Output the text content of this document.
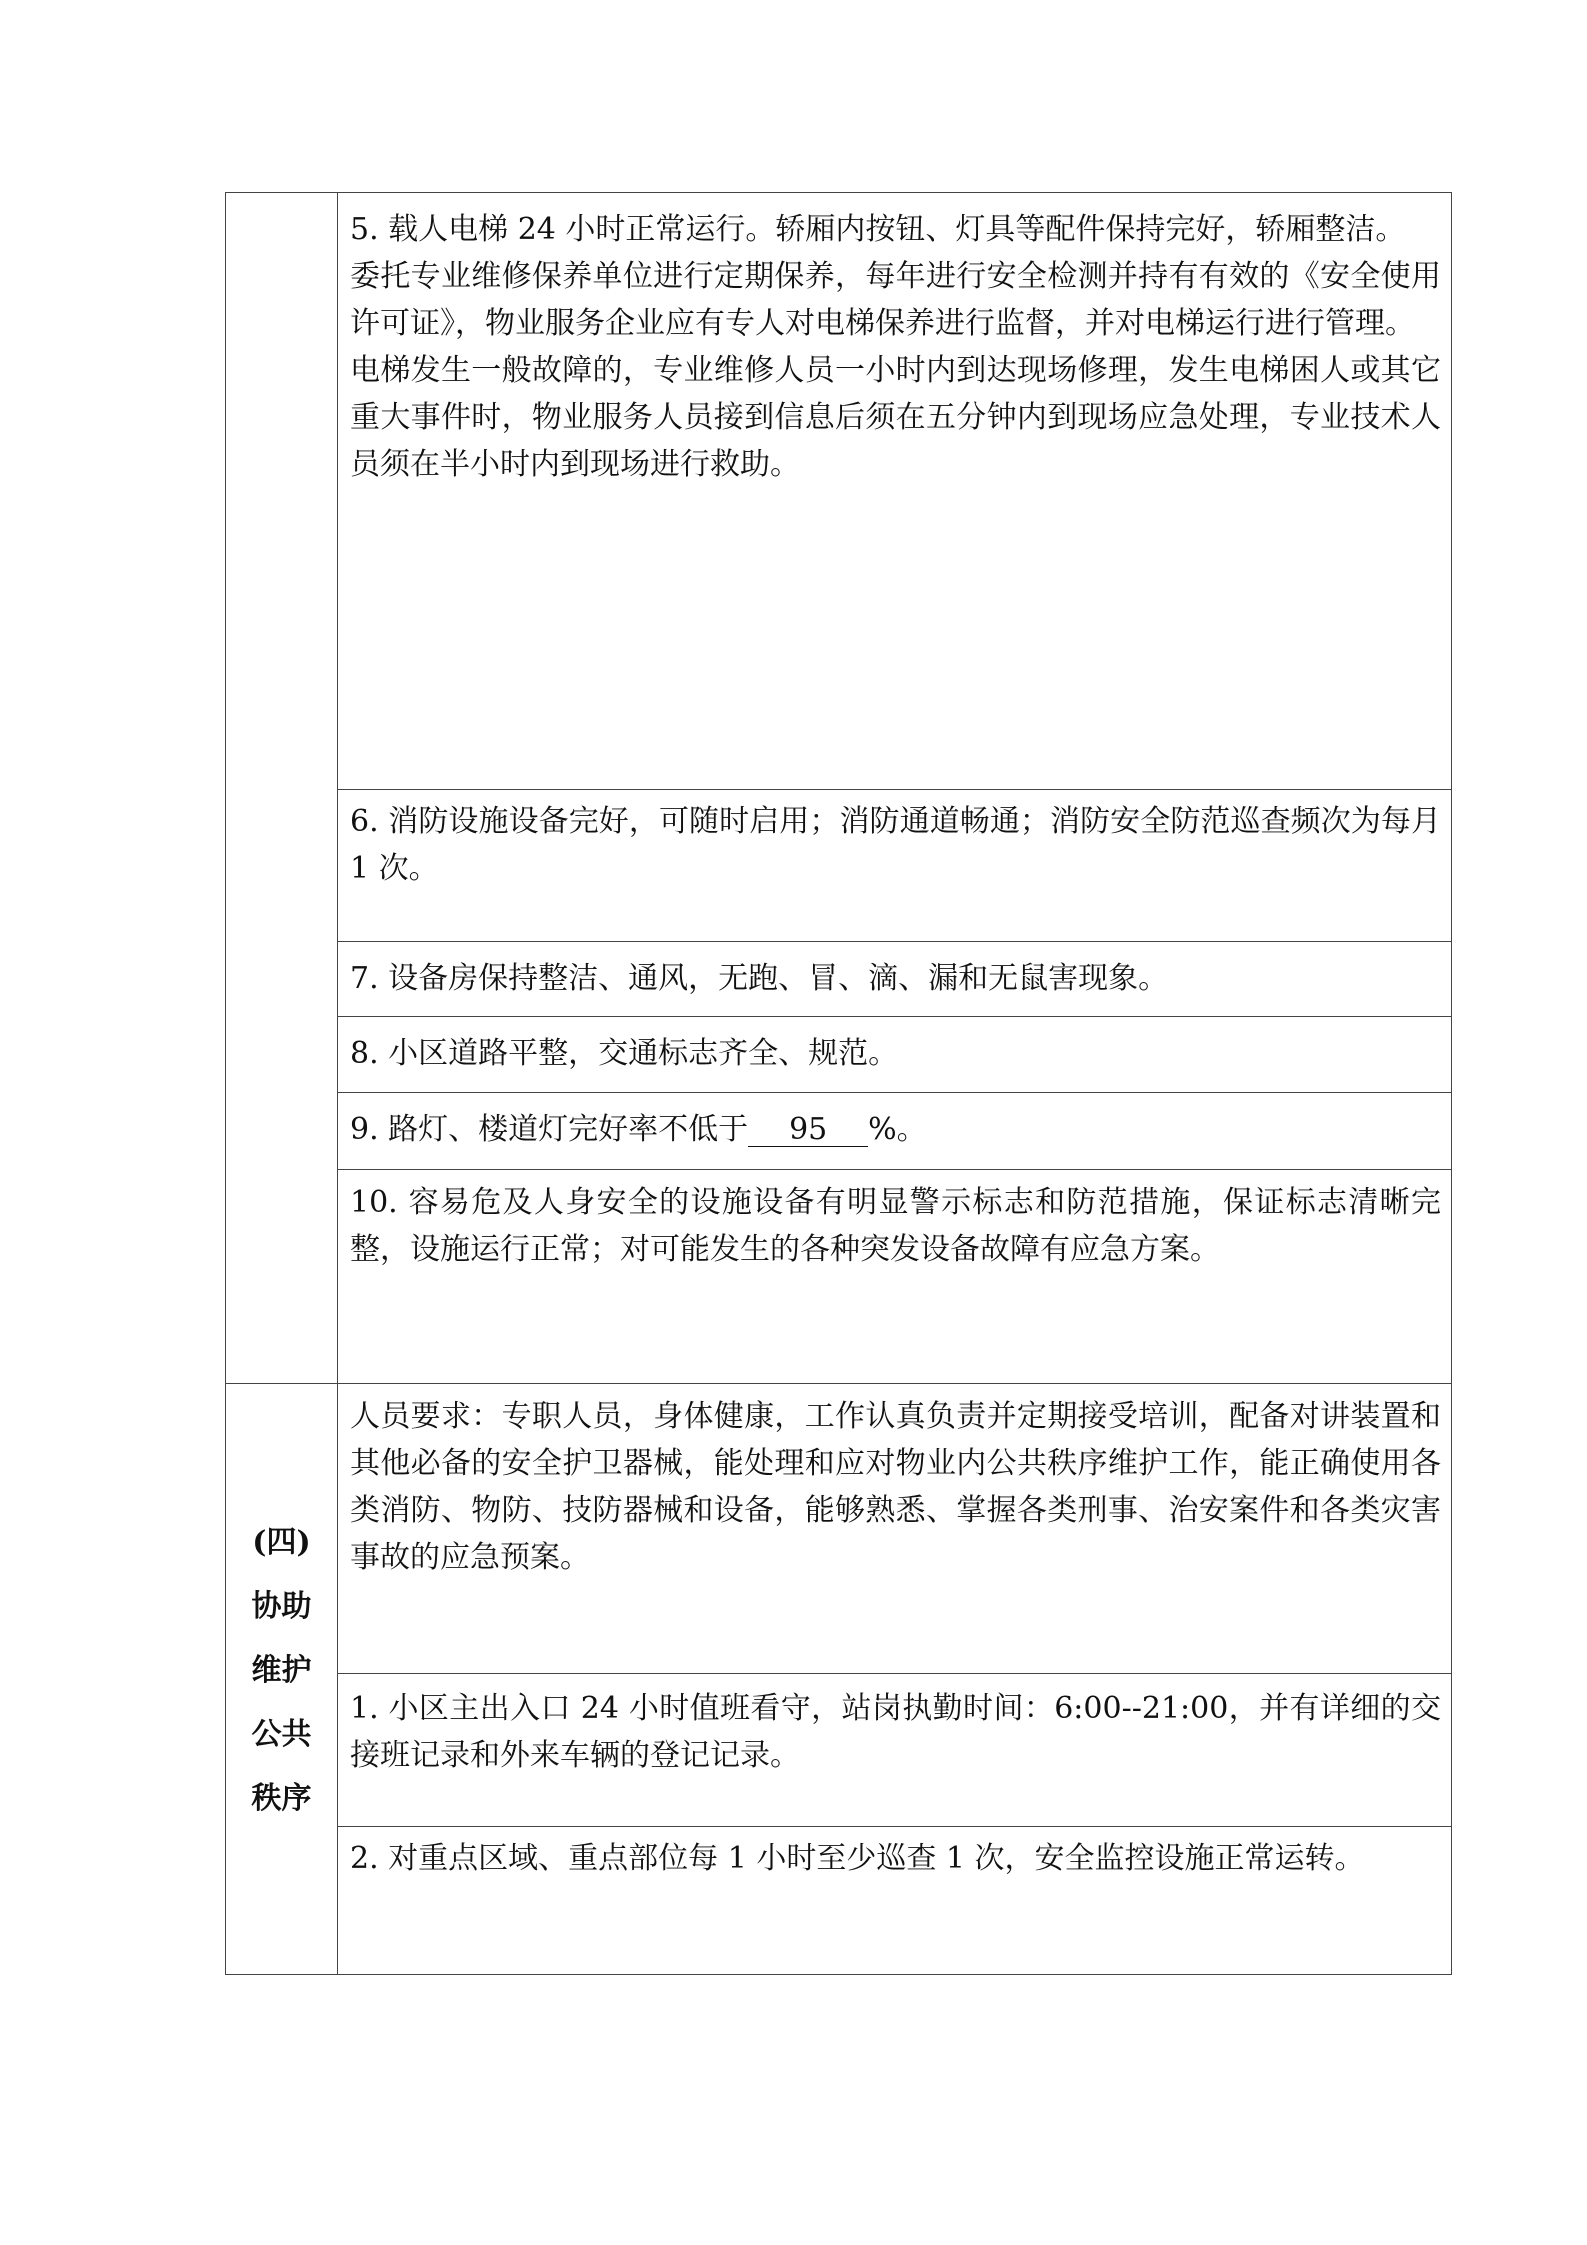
(四)
协助
维护
公共
秩序

5. 载人电梯 24 小时正常运行。轿厢内按钮、灯具等配件保持完好，轿厢整洁。

委托专业维修保养单位进行定期保养，每年进行安全检测并持有有效的《安全使用许可证》，物业服务企业应有专人对电梯保养进行监督，并对电梯运行进行管理。

电梯发生一般故障的，专业维修人员一小时内到达现场修理，发生电梯困人或其它重大事件时，物业服务人员接到信息后须在五分钟内到现场应急处理，专业技术人员须在半小时内到现场进行救助。

6. 消防设施设备完好，可随时启用；消防通道畅通；消防安全防范巡查频次为每月 1 次。

7. 设备房保持整洁、通风，无跑、冒、滴、漏和无鼠害现象。

8. 小区道路平整，交通标志齐全、规范。

9. 路灯、楼道灯完好率不低于 95 %。

10. 容易危及人身安全的设施设备有明显警示标志和防范措施，保证标志清晰完整，设施运行正常；对可能发生的各种突发设备故障有应急方案。

人员要求：专职人员，身体健康，工作认真负责并定期接受培训，配备对讲装置和其他必备的安全护卫器械，能处理和应对物业内公共秩序维护工作，能正确使用各类消防、物防、技防器械和设备，能够熟悉、掌握各类刑事、治安案件和各类灾害事故的应急预案。

1. 小区主出入口 24 小时值班看守，站岗执勤时间：6:00--21:00，并有详细的交接班记录和外来车辆的登记记录。

2. 对重点区域、重点部位每 1 小时至少巡查 1 次，安全监控设施正常运转。
